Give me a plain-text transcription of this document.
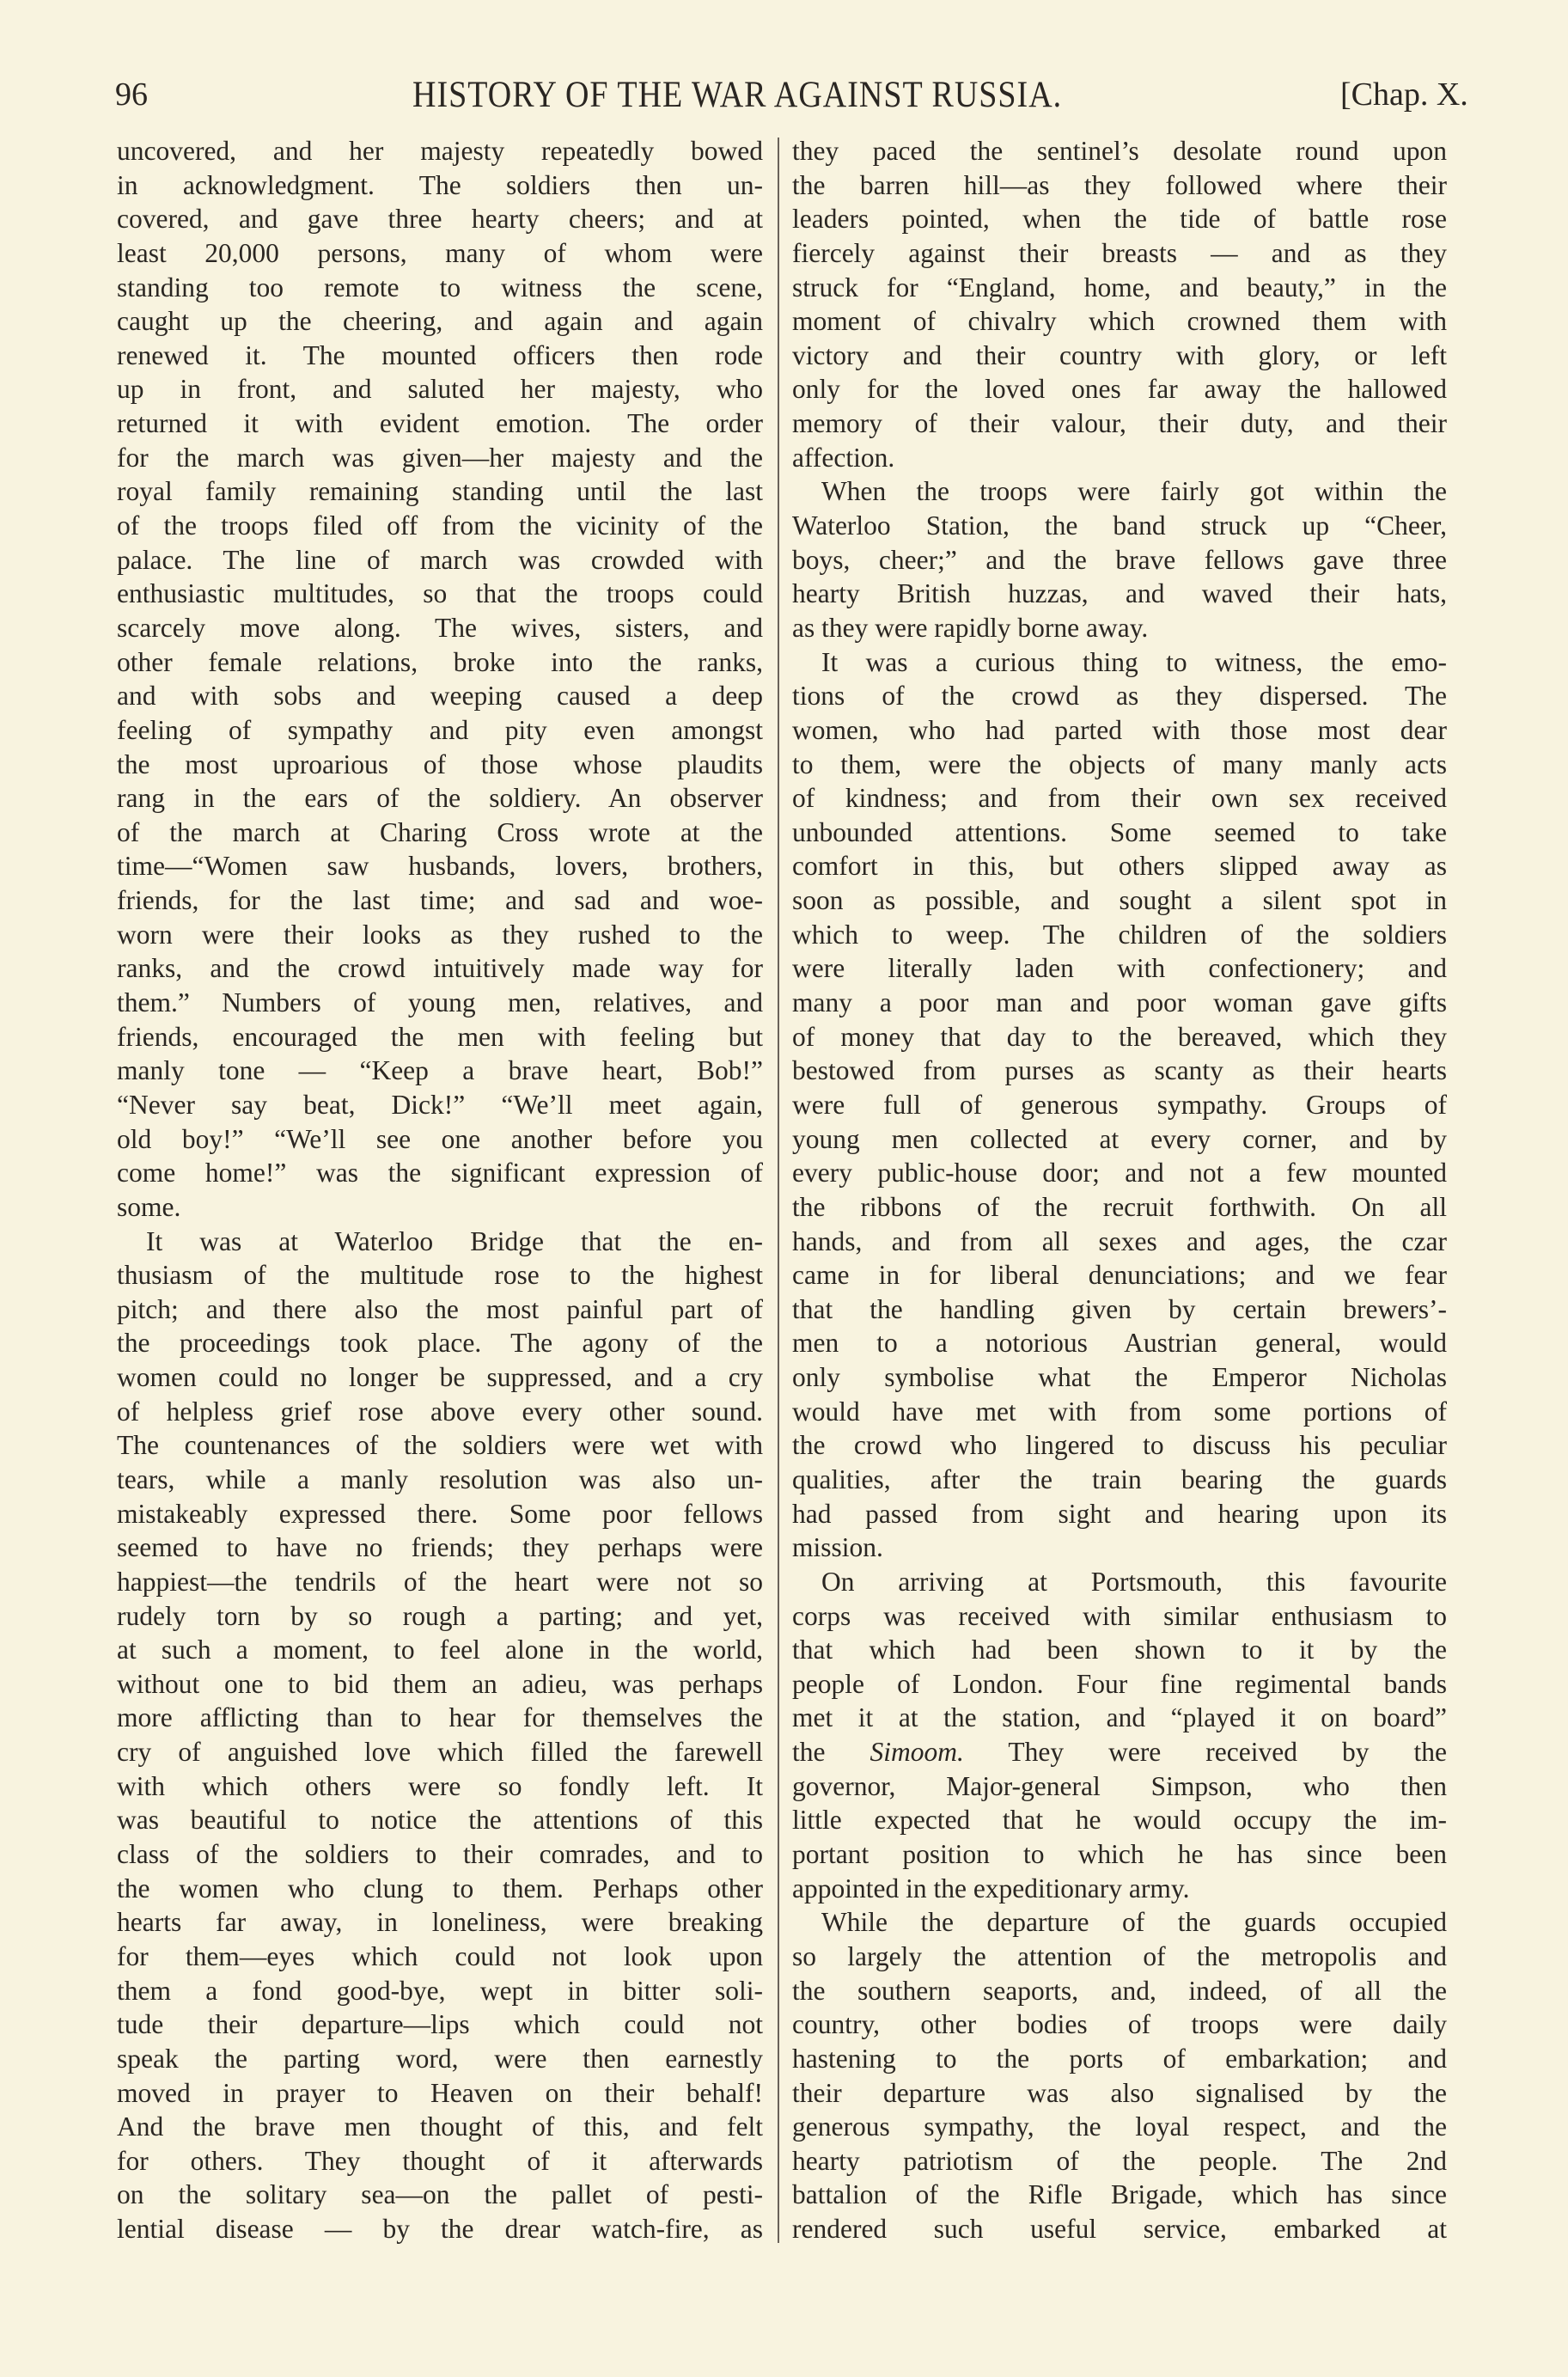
96	HISTORY OF THE WAR AGAINST RUSSIA.	[Chap. X.
uncovered, and her majesty repeatedly bowed
in acknowledgment. The soldiers then un-
covered, and gave three hearty cheers; and at
least 20,000 persons, many of whom were
standing too remote to witness the scene,
caught up the cheering, and again and again
renewed it. The mounted officers then rode
up in front, and saluted her majesty, who
returned it with evident emotion. The order
for the march was given—her majesty and the
royal family remaining standing until the last
of the troops filed off from the vicinity of the
palace. The line of march was crowded with
enthusiastic multitudes, so that the troops could
scarcely move along. The wives, sisters, and
other female relations, broke into the ranks,
and with sobs and weeping caused a deep
feeling of sympathy and pity even amongst
the most uproarious of those whose plaudits
rang in the ears of the soldiery. An observer
of the march at Charing Cross wrote at the
time—“Women saw husbands, lovers, brothers,
friends, for the last time; and sad and woe-
worn were their looks as they rushed to the
ranks, and the crowd intuitively made way for
them.” Numbers of young men, relatives, and
friends, encouraged the men with feeling but
manly tone — “Keep a brave heart, Bob!”
“Never say beat, Dick!” “We’ll meet again,
old boy!” “We’ll see one another before you
come home!” was the significant expression of
some.
It was at Waterloo Bridge that the en-
thusiasm of the multitude rose to the highest
pitch; and there also the most painful part of
the proceedings took place. The agony of the
women could no longer be suppressed, and a cry
of helpless grief rose above every other sound.
The countenances of the soldiers were wet with
tears, while a manly resolution was also un-
mistakeably expressed there. Some poor fellows
seemed to have no friends; they perhaps were
happiest—the tendrils of the heart were not so
rudely torn by so rough a parting; and yet,
at such a moment, to feel alone in the world,
without one to bid them an adieu, was perhaps
more afflicting than to hear for themselves the
cry of anguished love which filled the farewell
with which others were so fondly left. It
was beautiful to notice the attentions of this
class of the soldiers to their comrades, and to
the women who clung to them. Perhaps other
hearts far away, in loneliness, were breaking
for them—eyes which could not look upon
them a fond good-bye, wept in bitter soli-
tude their departure—lips which could not
speak the parting word, were then earnestly
moved in prayer to Heaven on their behalf!
And the brave men thought of this, and felt
for others. They thought of it afterwards
on the solitary sea—on the pallet of pesti-
lential disease — by the drear watch-fire, as
they paced the sentinel’s desolate round upon
the barren hill—as they followed where their
leaders pointed, when the tide of battle rose
fiercely against their breasts — and as they
struck for “England, home, and beauty,” in the
moment of chivalry which crowned them with
victory and their country with glory, or left
only for the loved ones far away the hallowed
memory of their valour, their duty, and their
affection.
When the troops were fairly got within the
Waterloo Station, the band struck up “Cheer,
boys, cheer;” and the brave fellows gave three
hearty British huzzas, and waved their hats,
as they were rapidly borne away.
It was a curious thing to witness, the emo-
tions of the crowd as they dispersed. The
women, who had parted with those most dear
to them, were the objects of many manly acts
of kindness; and from their own sex received
unbounded attentions. Some seemed to take
comfort in this, but others slipped away as
soon as possible, and sought a silent spot in
which to weep. The children of the soldiers
were literally laden with confectionery; and
many a poor man and poor woman gave gifts
of money that day to the bereaved, which they
bestowed from purses as scanty as their hearts
were full of generous sympathy. Groups of
young men collected at every corner, and by
every public-house door; and not a few mounted
the ribbons of the recruit forthwith. On all
hands, and from all sexes and ages, the czar
came in for liberal denunciations; and we fear
that the handling given by certain brewers’-
men to a notorious Austrian general, would
only symbolise what the Emperor Nicholas
would have met with from some portions of
the crowd who lingered to discuss his peculiar
qualities, after the train bearing the guards
had passed from sight and hearing upon its
mission.
On arriving at Portsmouth, this favourite
corps was received with similar enthusiasm to
that which had been shown to it by the
people of London. Four fine regimental bands
met it at the station, and “played it on board”
the Simoom. They were received by the
governor, Major-general Simpson, who then
little expected that he would occupy the im-
portant position to which he has since been
appointed in the expeditionary army.
While the departure of the guards occupied
so largely the attention of the metropolis and
the southern seaports, and, indeed, of all the
country, other bodies of troops were daily
hastening to the ports of embarkation; and
their departure was also signalised by the
generous sympathy, the loyal respect, and the
hearty patriotism of the people. The 2nd
battalion of the Rifle Brigade, which has since
rendered such useful service, embarked at
